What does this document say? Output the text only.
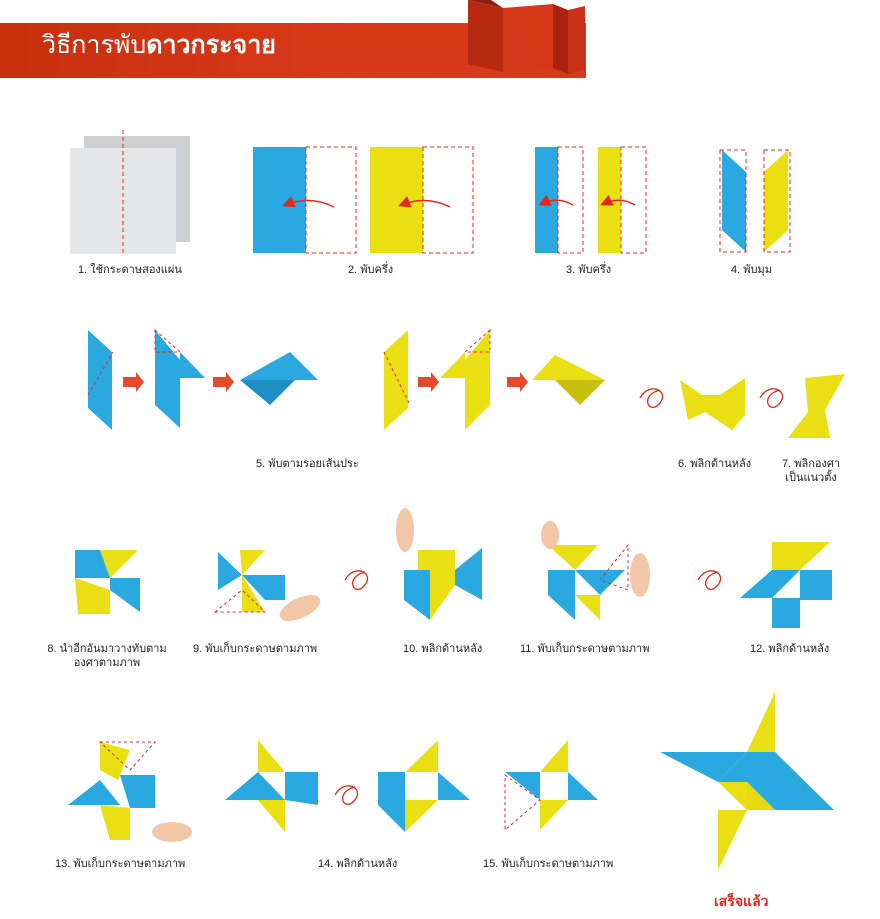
วิธีการพับดาวกระจาย
1. ใช้กระดาษสองแผ่น	2. พับครึ่ง	3. พับครึ่ง	4. พับมุม
5. พับตามรอยเส้นประ	6. พลิกด้านหลัง	7. พลิกองศา
เป็นแนวตั้ง
8. นำอีกอันมาวางทับตาม
องศาตามภาพ
9. พับเก็บกระดาษตามภาพ	10. พลิกด้านหลัง	11. พับเก็บกระดาษตามภาพ	12. พลิกด้านหลัง
13. พับเก็บกระดาษตามภาพ	14. พลิกด้านหลัง	15. พับเก็บกระดาษตามภาพ
เสร็จแล้ว
